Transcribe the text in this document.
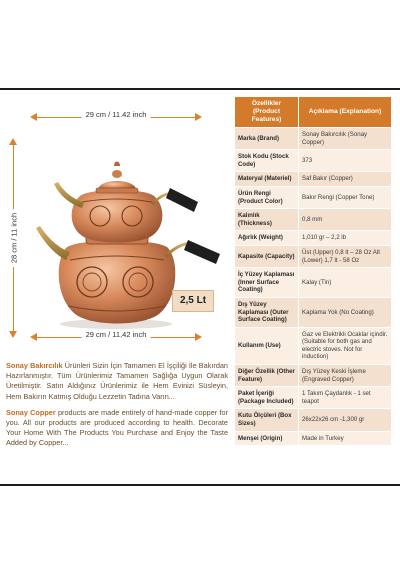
29 cm / 11.42 inch
28 cm / 11 inch
2,5 Lt
29 cm / 11,42 inch

Sonay Bakırcılık Ürünleri Sizin İçin Tamamen El İşçiliği İle Bakırdan Hazırlanmıştır. Tüm Ürünlerimiz Tamamen Sağlığa Uygun Olarak Üretilmiştir. Satın Aldığınız Ürünlerimiz ile Hem Evinizi Süsleyin, Hem Bakırın Katmış Olduğu Lezzetin Tadına Varın...

Sonay Copper products are made entirely of hand-made copper for you. All our products are produced according to health. Decorate Your Home With The Products You Purchase and Enjoy the Taste Added by Copper...

Özellikler (Product Features)	Açıklama (Explanation)
Marka (Brand)	Sonay Bakırcılık (Sonay Copper)
Stok Kodu (Stock Code)	373
Materyal (Materiel)	Saf Bakır (Copper)
Ürün Rengi (Product Color)	Bakır Rengi (Copper Tone)
Kalınlık (Thickness)	0,8 mm
Ağırlık (Weight)	1,010 gr – 2,2 lb
Kapasite (Capacity)	Üst (Upper) 0,8 lt – 28 Oz Alt (Lower) 1,7 lt - 58 Oz
İç Yüzey Kaplaması (Inner Surface Coating)	Kalay (Tin)
Dış Yüzey Kaplaması (Outer Surface Coating)	Kaplama Yok (No Coating)
Kullanım (Use)	Gaz ve Elektrikli Ocaklar içindir. (Suitable for both gas and electric stoves. Not for induction)
Diğer Özellik (Other Feature)	Dış Yüzey Keski İşleme (Engraved Copper)
Paket İçeriği (Package Included)	1 Takım Çaydanlık - 1 set teapot
Kutu Ölçüleri (Box Sizes)	26x22x26 cm -1,300 gr
Menşei (Origin)	Made in Turkey
